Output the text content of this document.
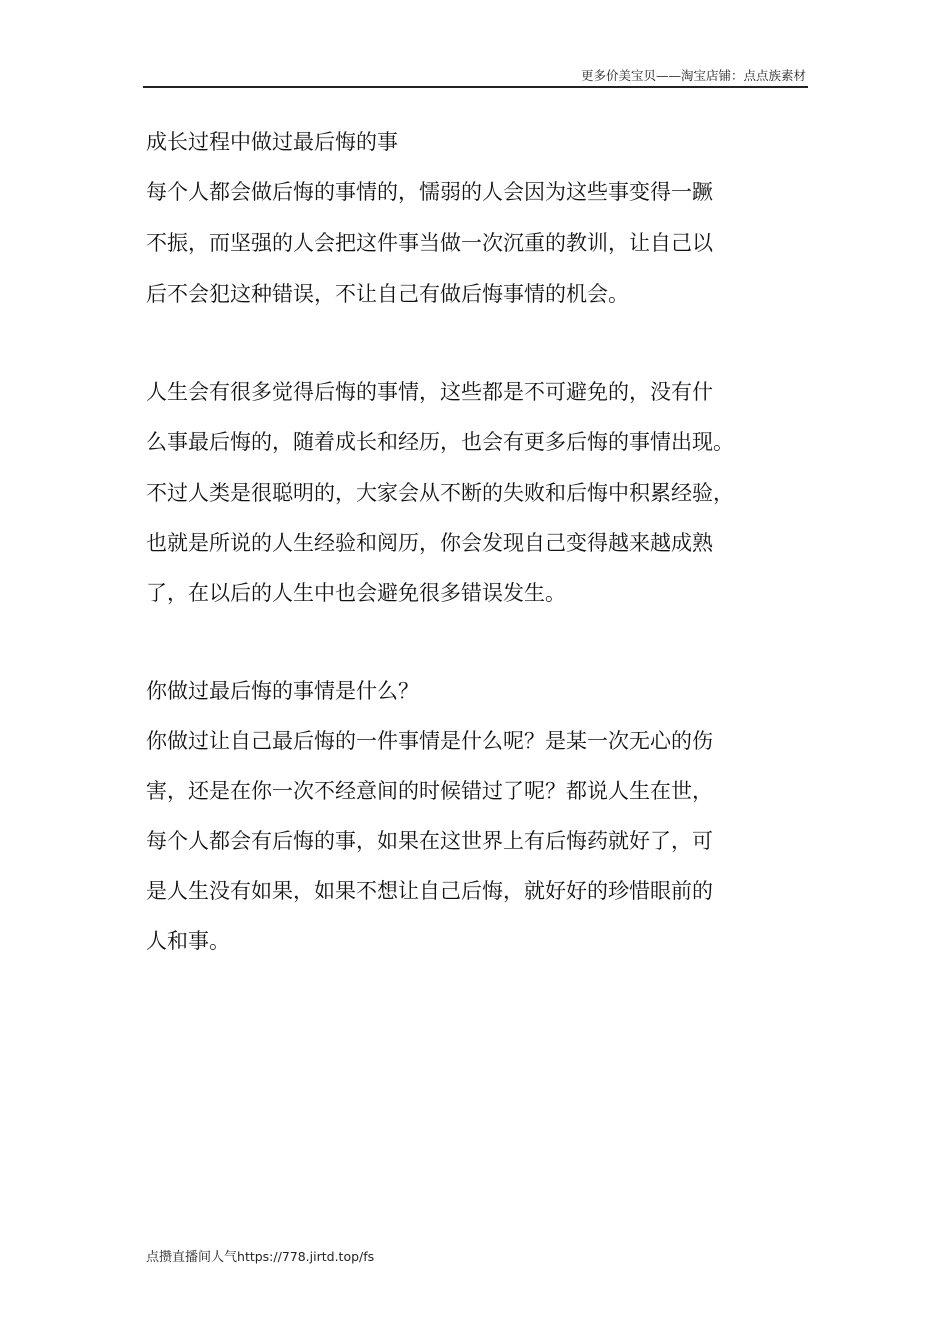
更多价美宝贝——淘宝店铺：点点族素材
成长过程中做过最后悔的事
每个人都会做后悔的事情的，懦弱的人会因为这些事变得一蹶
不振，而坚强的人会把这件事当做一次沉重的教训，让自己以
后不会犯这种错误，不让自己有做后悔事情的机会。
人生会有很多觉得后悔的事情，这些都是不可避免的，没有什
么事最后悔的，随着成长和经历，也会有更多后悔的事情出现。
不过人类是很聪明的，大家会从不断的失败和后悔中积累经验，
也就是所说的人生经验和阅历，你会发现自己变得越来越成熟
了，在以后的人生中也会避免很多错误发生。
你做过最后悔的事情是什么？
你做过让自己最后悔的一件事情是什么呢？是某一次无心的伤
害，还是在你一次不经意间的时候错过了呢？都说人生在世，
每个人都会有后悔的事，如果在这世界上有后悔药就好了，可
是人生没有如果，如果不想让自己后悔，就好好的珍惜眼前的
人和事。
点攒直播间人气https://778.jirtd.top/fs
